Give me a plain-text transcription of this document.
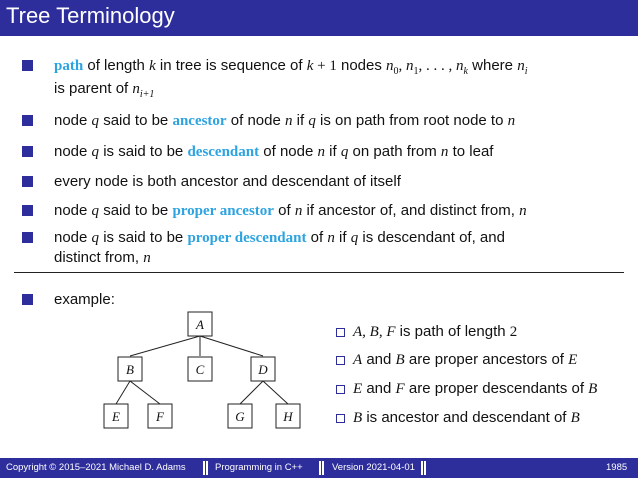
Tree Terminology
path of length k in tree is sequence of k + 1 nodes $n_0$, $n_1$, . . . , $n_k$ where $n_i$
is parent of $n_{i+1}$
node q said to be ancestor of node n if q is on path from root node to n
node q is said to be descendant of node n if q on path from n to leaf
every node is both ancestor and descendant of itself
node q said to be proper ancestor of n if ancestor of, and distinct from, n
node q is said to be proper descendant of n if q is descendant of, and
distinct from, n
example:
A
B	C	D
E	F	G	H
A, B, F is path of length 2
A and B are proper ancestors of E
E and F are proper descendants of B
B is ancestor and descendant of B
Copyright © 2015–2021 Michael D. Adams	Programming in C++	Version 2021-04-01	1985
